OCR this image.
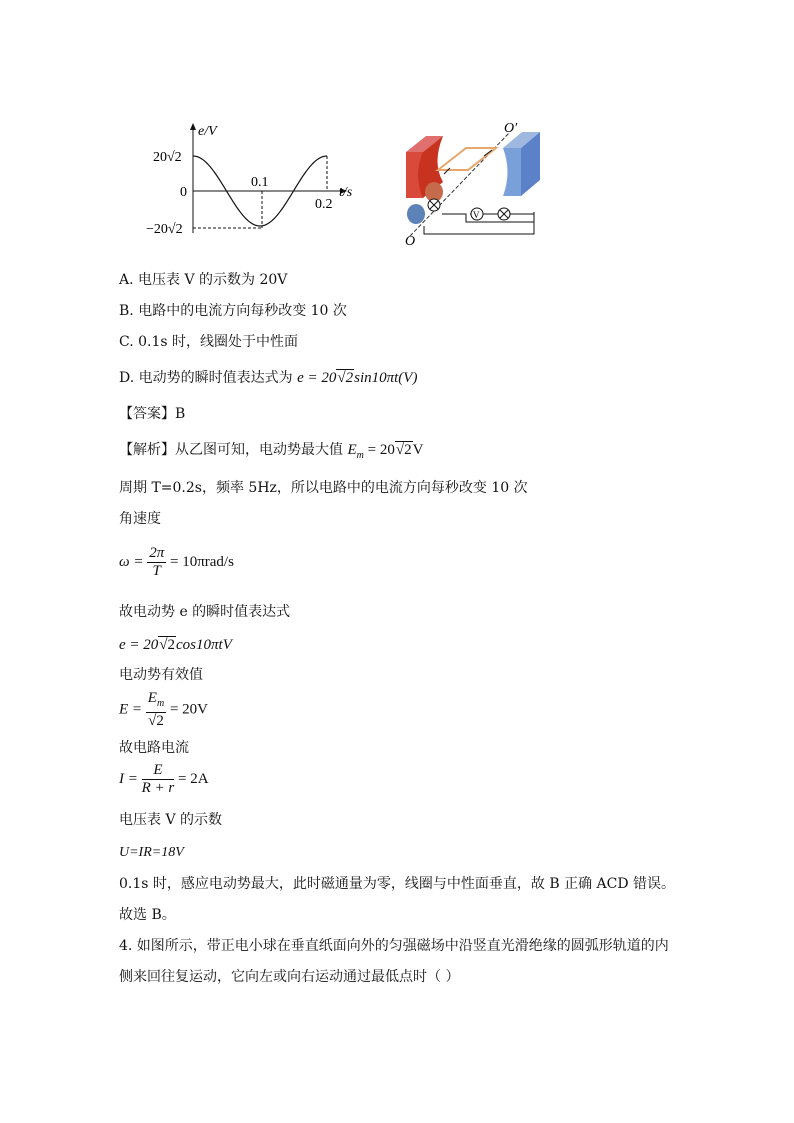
e/V
20√2
0
−20√2
0.1
0.2
t/s
V
O′
O
A. 电压表 V 的示数为 20V
B. 电路中的电流方向每秒改变 10 次
C. 0.1s 时，线圈处于中性面
D. 电动势的瞬时值表达式为 e = 20√2sin10πt(V)
【答案】B
【解析】从乙图可知，电动势最大值 $E_m = 20√2V$
周期 T=0.2s，频率 5Hz，所以电路中的电流方向每秒改变 10 次
角速度
$\omega = \frac{2\pi}{T} = 10\pi rad/s$
故电动势 e 的瞬时值表达式
e = 20√2cos10πtV
电动势有效值
$E = \frac{E_m}{√2} = 20V$
故电路电流
$I = \frac{E}{R + r} = 2A$
电压表 V 的示数
U=IR=18V
0.1s 时，感应电动势最大，此时磁通量为零，线圈与中性面垂直，故 B 正确 ACD 错误。
故选 B。
4. 如图所示，带正电小球在垂直纸面向外的匀强磁场中沿竖直光滑绝缘的圆弧形轨道的内
侧来回往复运动，它向左或向右运动通过最低点时（ ）
